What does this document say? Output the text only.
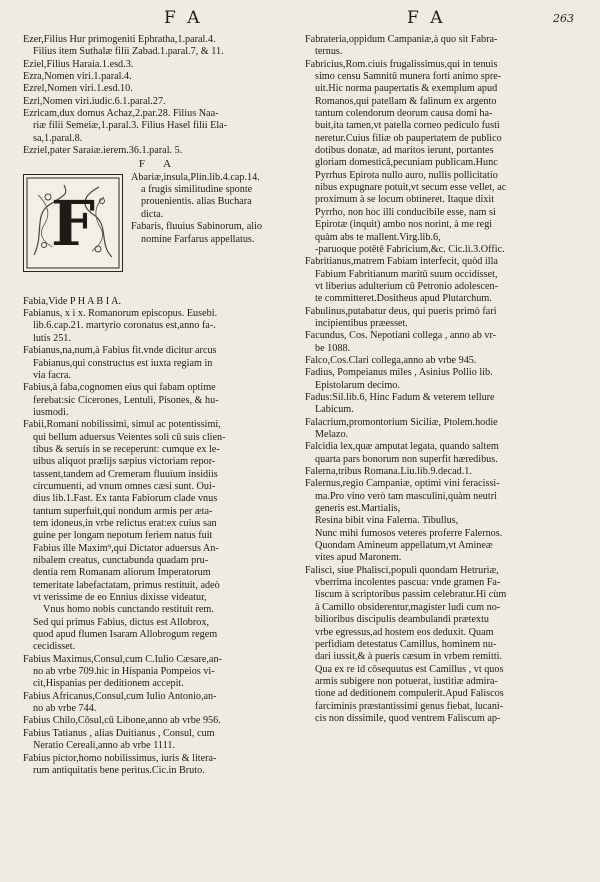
F A	F A	263
Ezer,Filius Hur primogeniti Ephratha,1.paral.4.
Filius item Suthalæ filii Zabad.1.paral.7, & 11.
Eziel,Filius Haraia.1.esd.3.
Ezra,Nomen viri.1.paral.4.
Ezrel,Nomen viri.1.esd.10.
Ezri,Nomen viri.iudic.6.1.paral.27.
Ezricam,dux domus Achaz,2.par.28. Filius Naa-
riæ filii Semeiæ,1.paral.3. Filius Hasel filii Ela-
sa,1.paral.8.
Ezriel,pater Saraiæ.ierem.36.1.paral. 5.
F A
F
Abariæ,insula,Plin.lib.4.cap.14.
a frugis similitudine sponte
prouenientis. alias Buchara
dicta.
Fabaris, fluuius Sabinorum, alio
nomine Farfarus appellatus.
Fabia,Vide P H A B I A.
Fabianus, x i x. Romanorum episcopus. Eusebi.
lib.6.cap.21. martyrio coronatus est,anno fa-.
lutis 251.
Fabianus,na,num,à Fabius fit.vnde dicitur arcus
Fabianus,qui constructus est iuxta regiam in
via facra.
Fabius,à faba,cognomen eius qui fabam optime
ferebat:sic Cicerones, Lentuli, Pisones, & hu-
iusmodi.
Fabii,Romani nobilissimi, simul ac potentissimi,
qui bellum aduersus Veientes soli cū suis clien-
tibus & seruis in se receperunt: cumque ex le-
uibus aliquot prælijs sæpius victoriam repor-
tassent,tandem ad Cremeram fluuium insidiis
circumuenti, ad vnum omnes cæsi sunt. Oui-
dius lib.1.Fast. Ex tanta Fabiorum clade vnus
tantum superfuit,qui nondum armis per æta-
tem idoneus,in vrbe relictus erat:ex cuius san
guine per longam nepotum feriem natus fuit
Fabius ille Maxim⁹,qui Dictator aduersus An-
nibalem creatus, cunctabunda quadam pru-
dentia rem Romanam aliorum Imperatorum
temeritate labefactatam, primus restituit, adeò
vt verissime de eo Ennius dixisse videatur,
Vnus homo nobis cunctando restituit rem.
Sed qui primus Fabius, dictus est Allobrox,
quod apud flumen Isaram Allobrogum regem
cecidisset.
Fabius Maximus,Consul,cum C.Iulio Cæsare,an-
no ab vrbe 709.hic in Hispania Pompeios vi-
cit,Hispanias per deditionem accepit.
Fabius Africanus,Consul,cum Iulio Antonio,an-
no ab vrbe 744.
Fabius Chilo,Cōsul,cū Libone,anno ab vrbe 956.
Fabius Tatianus , alias Duitianus , Consul, cum
Neratio Cereali,anno ab vrbe 1111.
Fabius pictor,homo nobilissimus, iuris & litera-
rum antiquitatis bene peritus.Cic.in Bruto.
Fabrateria,oppidum Campaniæ,à quo sit Fabra-
ternus.
Fabricius,Rom.ciuis frugalissimus,qui in tenuis
simo censu Samnitū munera forti animo spre-
uit.Hic norma paupertatis & exemplum apud
Romanos,qui patellam & falinum ex argento
tantum colendorum deorum causa domi ha-
buit,ita tamen,vt patella corneo pediculo fusti
neretur.Cuius filiæ ob paupertatem de publico
dotibus donatæ, ad maritos ierunt, portantes
gloriam domesticā,pecuniam publicam.Hunc
Pyrrhus Epirota nullo auro, nullis pollicitatio
nibus expugnare potuit,vt secum esse vellet, ac
proximum à se locum obtineret. Itaque dixit
Pyrrho, non hoc illi conducibile esse, nam si
Epirotæ (inquit) ambo nos norint, à me regi
quàm abs te mallent.Virg.lib.6,
-paruoque potētē Fabricium,&c. Cic.li.3.Offic.
Fabritianus,matrem Fabiam interfecit, quòd illa
Fabium Fabritianum maritū suum occidisset,
vt liberius adulterium cū Petronio adolescen-
te committeret.Dositheus apud Plutarchum.
Fabulinus,putabatur deus, qui pueris primò fari
incipientibus præesset.
Facundus, Cos. Nepotiani collega , anno ab vr-
be 1088.
Falco,Cos.Clari collega,anno ab vrbe 945.
Fadius, Pompeianus miles , Asinius Pollio lib.
Epistolarum decimo.
Fadus:Sil.lib.6, Hinc Fadum & veterem tellure
Labicum.
Falacrium,promontorium Siciliæ, Ptolem.hodie
Melazo.
Falcidia lex,quæ amputat legata, quando saltem
quarta pars bonorum non superfit hæredibus.
Falerna,tribus Romana.Liu.lib.9.decad.1.
Falernus,regio Campaniæ, optimi vini feracissi-
ma.Pro vino verò tam masculini,quàm neutri
generis est.Martialis,
Resina bibit vina Falerna. Tibullus,
Nunc mihi fumosos veteres proferre Falernos.
Quondam Amineum appellatum,vt Amineæ
vites apud Maronem.
Falisci, siue Phalisci,populi quondam Hetruriæ,
vberrima incolentes pascua: vnde gramen Fa-
liscum à scriptoribus passim celebratur.Hi cùm
à Camillo obsiderentur,magister ludi cum no-
bilioribus discipulis deambulandi prætextu
vrbe egressus,ad hostem eos deduxit. Quam
perfidiam detestatus Camillus, hominem nu-
dari iussit,& à pueris cæsum in vrbem remitti.
Qua ex re id cōsequutus est Camillus , vt quos
armis subigere non potuerat, iustitiæ admira-
tione ad deditionem compulerit.Apud Faliscos
farciminis præstantissimi genus fiebat, lucani-
cis non dissimile, quod ventrem Faliscum ap-
